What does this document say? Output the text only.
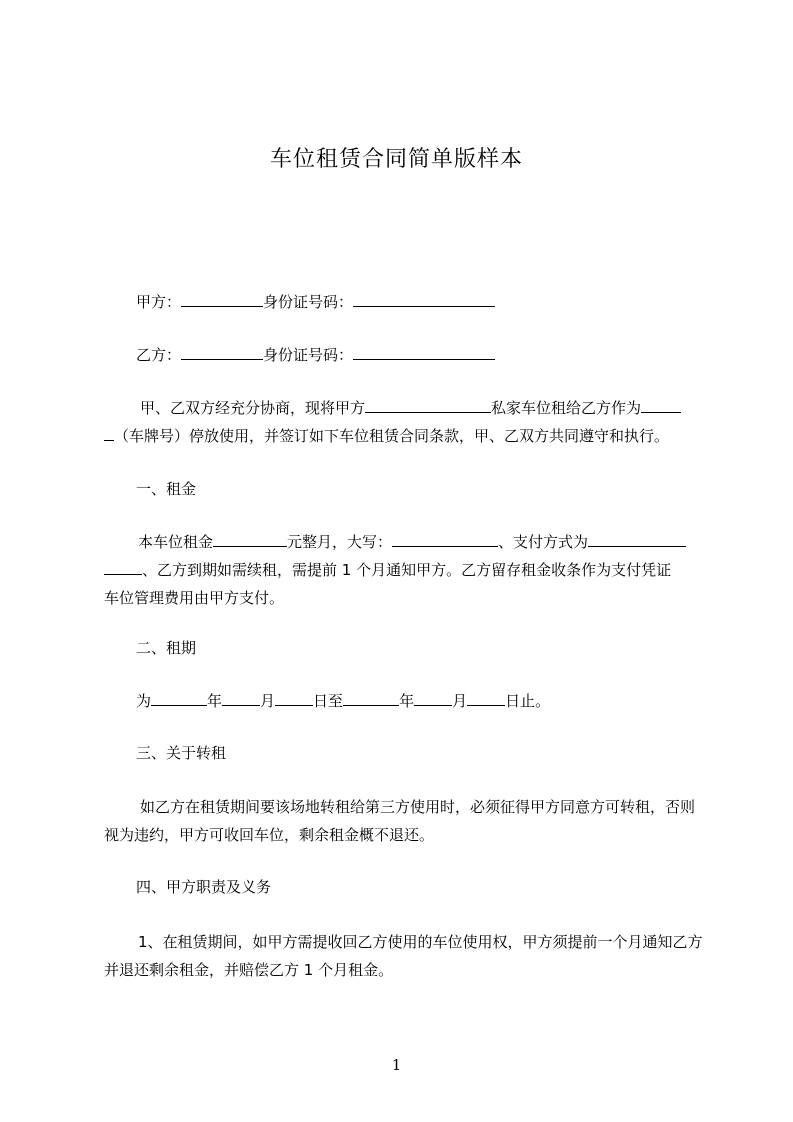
车位租赁合同简单版样本
甲方：	身份证号码：
乙方：	身份证号码：
甲、乙双方经充分协商，现将甲方	私家车位租给乙方作为
（车牌号）停放使用，并签订如下车位租赁合同条款，甲、乙双方共同遵守和执行。
一、租金
本车位租金	元整月，大写：	、支付方式为
、乙方到期如需续租，需提前 1 个月通知甲方。乙方留存租金收条作为支付凭证
车位管理费用由甲方支付。
二、租期
为	年	月	日至	年	月	日止。
三、关于转租
如乙方在租赁期间要该场地转租给第三方使用时，必须征得甲方同意方可转租，否则视为违约，甲方可收回车位，剩余租金概不退还。
四、甲方职责及义务
1、在租赁期间，如甲方需提收回乙方使用的车位使用权，甲方须提前一个月通知乙方并退还剩余租金，并赔偿乙方 1 个月租金。
1
